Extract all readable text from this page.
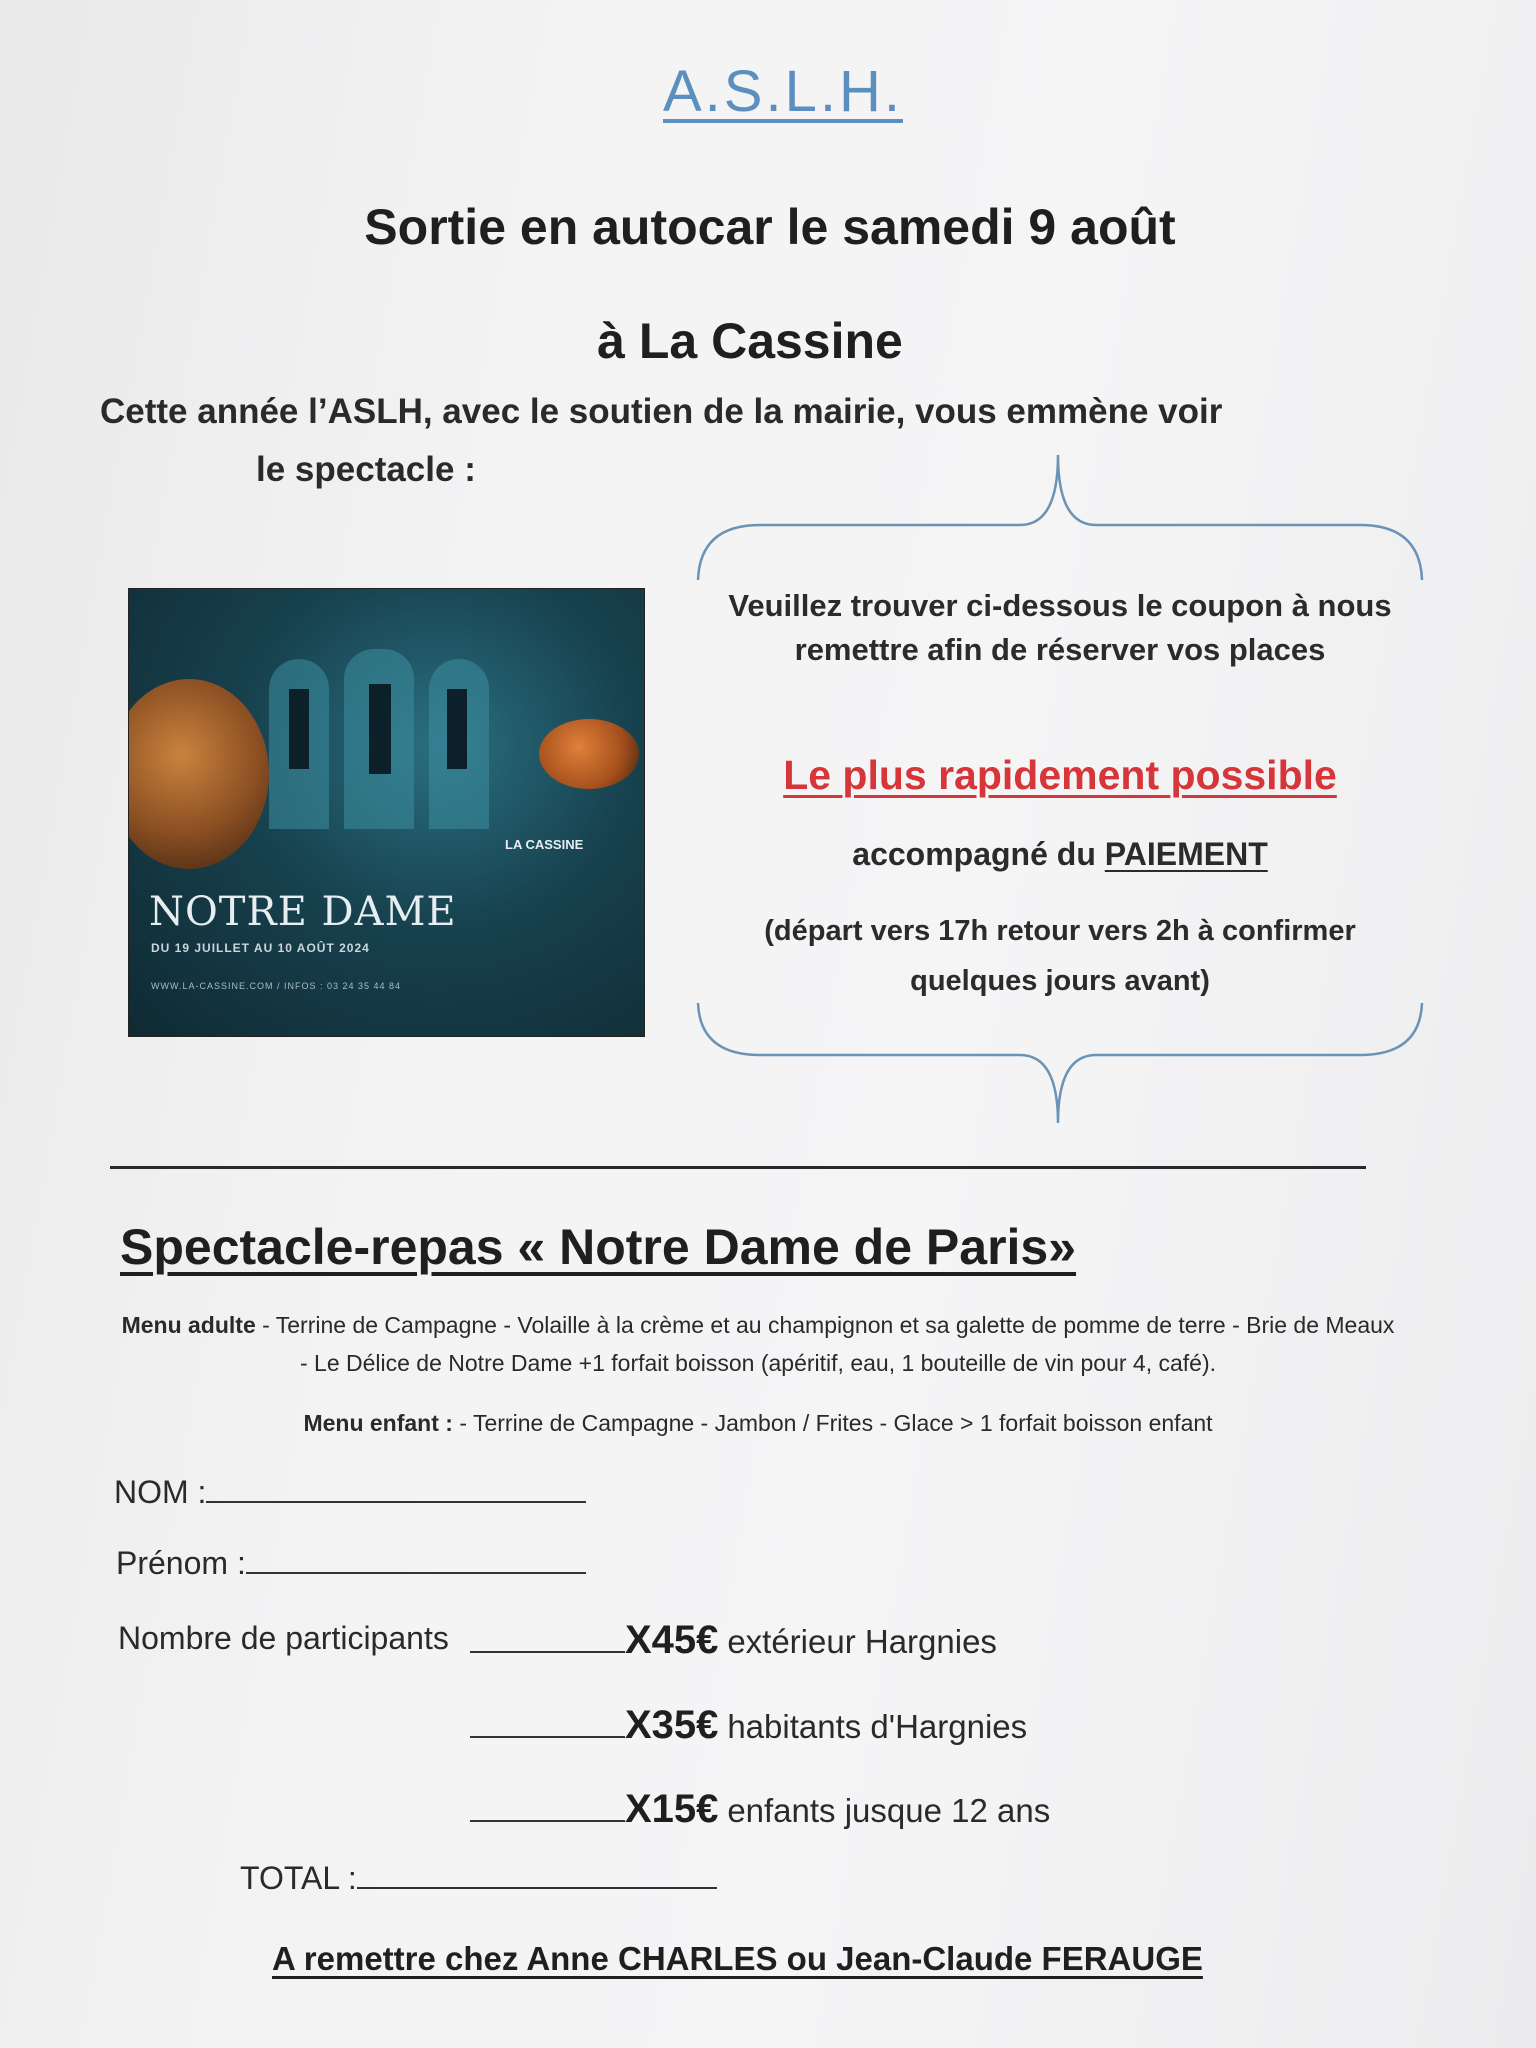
A.S.L.H.
Sortie en autocar le samedi 9 août
à La Cassine
Cette année l’ASLH, avec le soutien de la mairie, vous emmène voir
le spectacle :
LA CASSINE
NOTRE DAME
DU 19 JUILLET AU 10 AOÛT 2024
WWW.LA-CASSINE.COM / INFOS : 03 24 35 44 84
Veuillez trouver ci-dessous le coupon à nous remettre afin de réserver vos places
Le plus rapidement possible
accompagné du PAIEMENT
(départ vers 17h retour vers 2h à confirmer quelques jours avant)
Spectacle-repas « Notre Dame de Paris»
Menu adulte - Terrine de Campagne - Volaille à la crème et au champignon et sa galette de pomme de terre - Brie de Meaux - Le Délice de Notre Dame +1 forfait boisson (apéritif, eau, 1 bouteille de vin pour 4, café).
Menu enfant : - Terrine de Campagne - Jambon / Frites - Glace > 1 forfait boisson enfant
NOM :
Prénom :
Nombre de participants	X45€ extérieur Hargnies
X35€ habitants d'Hargnies
X15€ enfants jusque 12 ans
TOTAL :
A remettre chez Anne CHARLES ou Jean-Claude FERAUGE
